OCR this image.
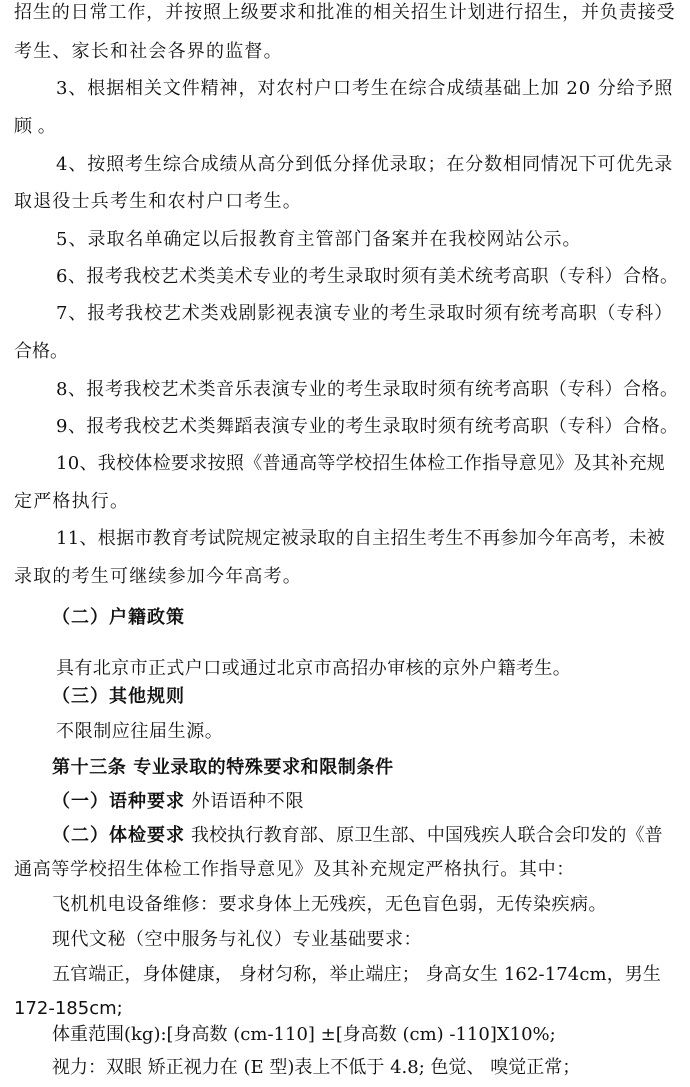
招生的日常工作，并按照上级要求和批准的相关招生计划进行招生，并负责接受
考生、家长和社会各界的监督。
3、根据相关文件精神，对农村户口考生在综合成绩基础上加 20 分给予照
顾 。
4、按照考生综合成绩从高分到低分择优录取；在分数相同情况下可优先录
取退役士兵考生和农村户口考生。
5、录取名单确定以后报教育主管部门备案并在我校网站公示。
6、报考我校艺术类美术专业的考生录取时须有美术统考高职（专科）合格。
7、报考我校艺术类戏剧影视表演专业的考生录取时须有统考高职（专科）
合格。
8、报考我校艺术类音乐表演专业的考生录取时须有统考高职（专科）合格。
9、报考我校艺术类舞蹈表演专业的考生录取时须有统考高职（专科）合格。
10、我校体检要求按照《普通高等学校招生体检工作指导意见》及其补充规
定严格执行。
11、根据市教育考试院规定被录取的自主招生考生不再参加今年高考，未被
录取的考生可继续参加今年高考。
（二）户籍政策
具有北京市正式户口或通过北京市高招办审核的京外户籍考生。
（三）其他规则
不限制应往届生源。
第十三条 专业录取的特殊要求和限制条件
（一）语种要求 外语语种不限
（二）体检要求 我校执行教育部、原卫生部、中国残疾人联合会印发的《普
通高等学校招生体检工作指导意见》及其补充规定严格执行。其中：
飞机机电设备维修：要求身体上无残疾，无色盲色弱，无传染疾病。
现代文秘（空中服务与礼仪）专业基础要求：
五官端正，身体健康， 身材匀称，举止端庄； 身高女生 162-174cm，男生
172-185cm;
体重范围(kg):[身高数 (cm-110] ±[身高数 (cm) -110]X10%;
视力：双眼 矫正视力在 (E 型)表上不低于 4.8; 色觉、 嗅觉正常；
